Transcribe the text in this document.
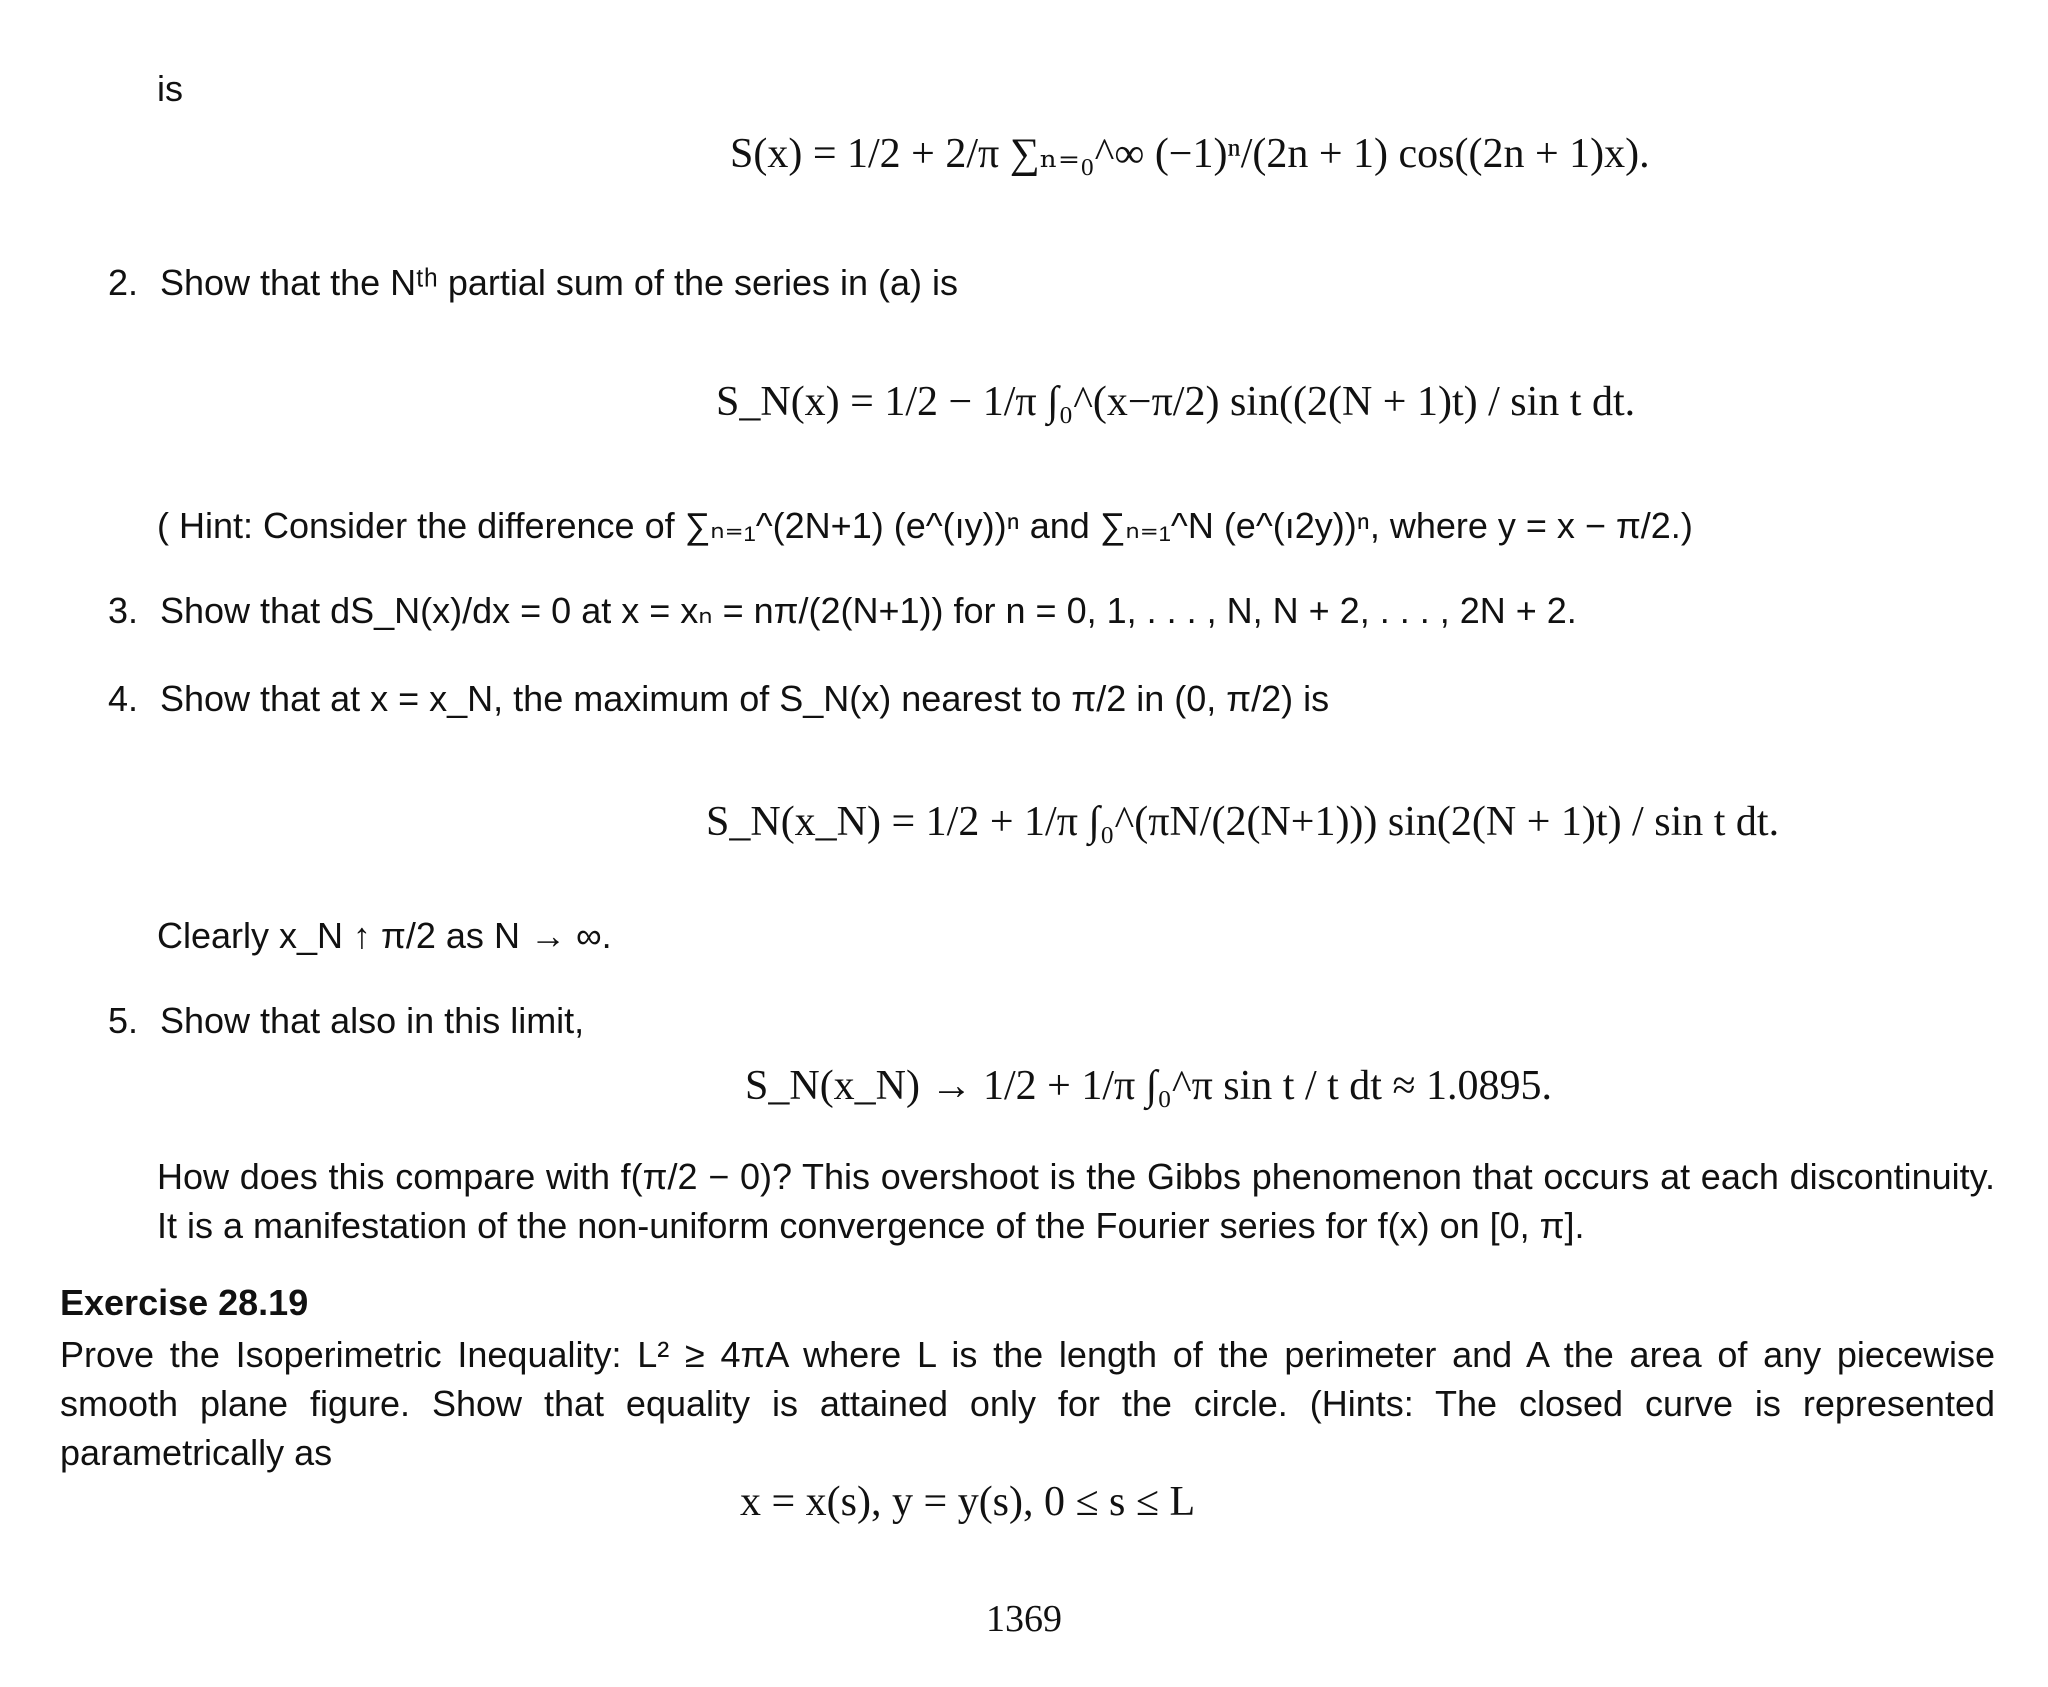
is
S(x) = 1/2 + 2/π ∑ₙ₌₀^∞ (−1)ⁿ/(2n + 1) cos((2n + 1)x).
2. Show that the Nᵗʰ partial sum of the series in (a) is
S_N(x) = 1/2 − 1/π ∫₀^(x−π/2) sin((2(N + 1)t) / sin t dt.
( Hint: Consider the difference of ∑ₙ₌₁^(2N+1) (e^(ıy))ⁿ and ∑ₙ₌₁^N (e^(ı2y))ⁿ, where y = x − π/2.)
3. Show that dS_N(x)/dx = 0 at x = xₙ = nπ/(2(N+1)) for n = 0, 1, . . . , N, N + 2, . . . , 2N + 2.
4. Show that at x = x_N, the maximum of S_N(x) nearest to π/2 in (0, π/2) is
S_N(x_N) = 1/2 + 1/π ∫₀^(πN/(2(N+1))) sin(2(N + 1)t) / sin t dt.
Clearly x_N ↑ π/2 as N → ∞.
5. Show that also in this limit,
S_N(x_N) → 1/2 + 1/π ∫₀^π sin t / t dt ≈ 1.0895.
How does this compare with f(π/2 − 0)? This overshoot is the Gibbs phenomenon that occurs at each discontinuity. It is a manifestation of the non-uniform convergence of the Fourier series for f(x) on [0, π].
Exercise 28.19
Prove the Isoperimetric Inequality: L² ≥ 4πA where L is the length of the perimeter and A the area of any piecewise smooth plane figure. Show that equality is attained only for the circle. (Hints: The closed curve is represented parametrically as
x = x(s), y = y(s), 0 ≤ s ≤ L
1369
